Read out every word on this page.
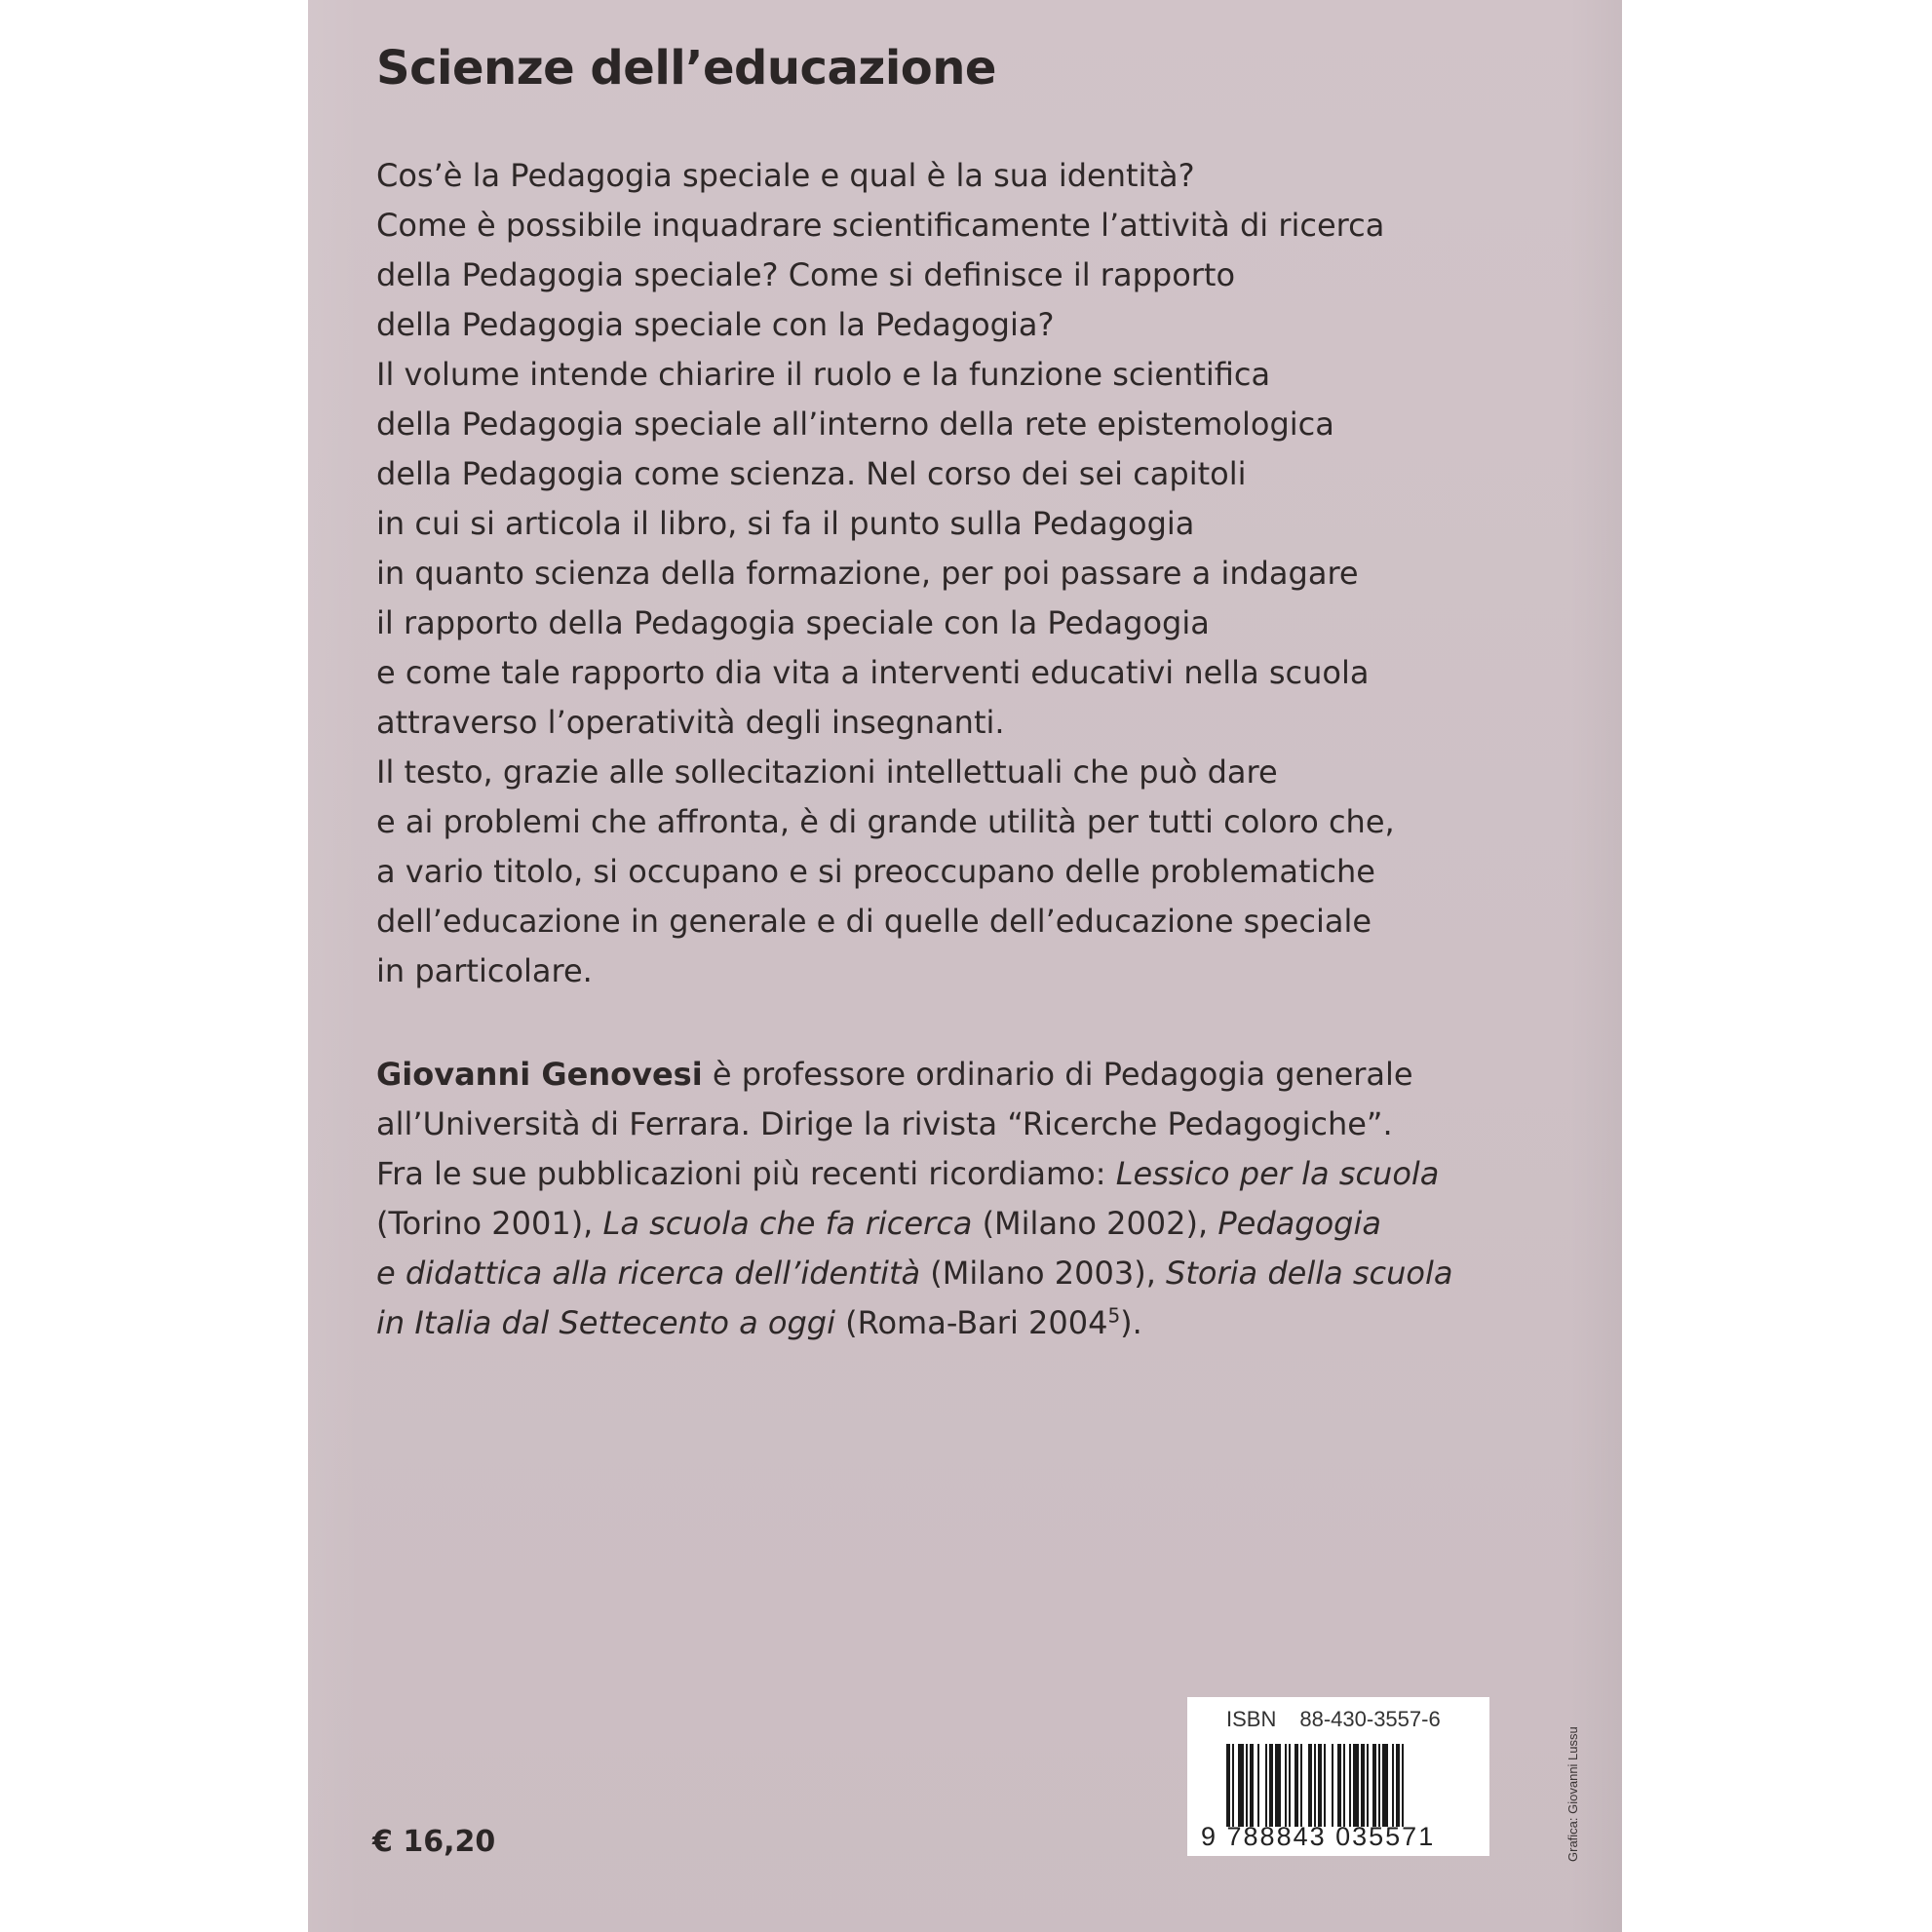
Scienze dell’educazione
Cos’è la Pedagogia speciale e qual è la sua identità?
Come è possibile inquadrare scientificamente l’attività di ricerca
della Pedagogia speciale? Come si definisce il rapporto
della Pedagogia speciale con la Pedagogia?
Il volume intende chiarire il ruolo e la funzione scientifica
della Pedagogia speciale all’interno della rete epistemologica
della Pedagogia come scienza. Nel corso dei sei capitoli
in cui si articola il libro, si fa il punto sulla Pedagogia
in quanto scienza della formazione, per poi passare a indagare
il rapporto della Pedagogia speciale con la Pedagogia
e come tale rapporto dia vita a interventi educativi nella scuola
attraverso l’operatività degli insegnanti.
Il testo, grazie alle sollecitazioni intellettuali che può dare
e ai problemi che affronta, è di grande utilità per tutti coloro che,
a vario titolo, si occupano e si preoccupano delle problematiche
dell’educazione in generale e di quelle dell’educazione speciale
in particolare.
Giovanni Genovesi è professore ordinario di Pedagogia generale
all’Università di Ferrara. Dirige la rivista “Ricerche Pedagogiche”.
Fra le sue pubblicazioni più recenti ricordiamo: Lessico per la scuola
(Torino 2001), La scuola che fa ricerca (Milano 2002), Pedagogia
e didattica alla ricerca dell’identità (Milano 2003), Storia della scuola
in Italia dal Settecento a oggi (Roma-Bari 2004$^5$).
€ 16,20
ISBN 88-430-3557-6
9 788843 035571	Grafica: Giovanni Lussu
